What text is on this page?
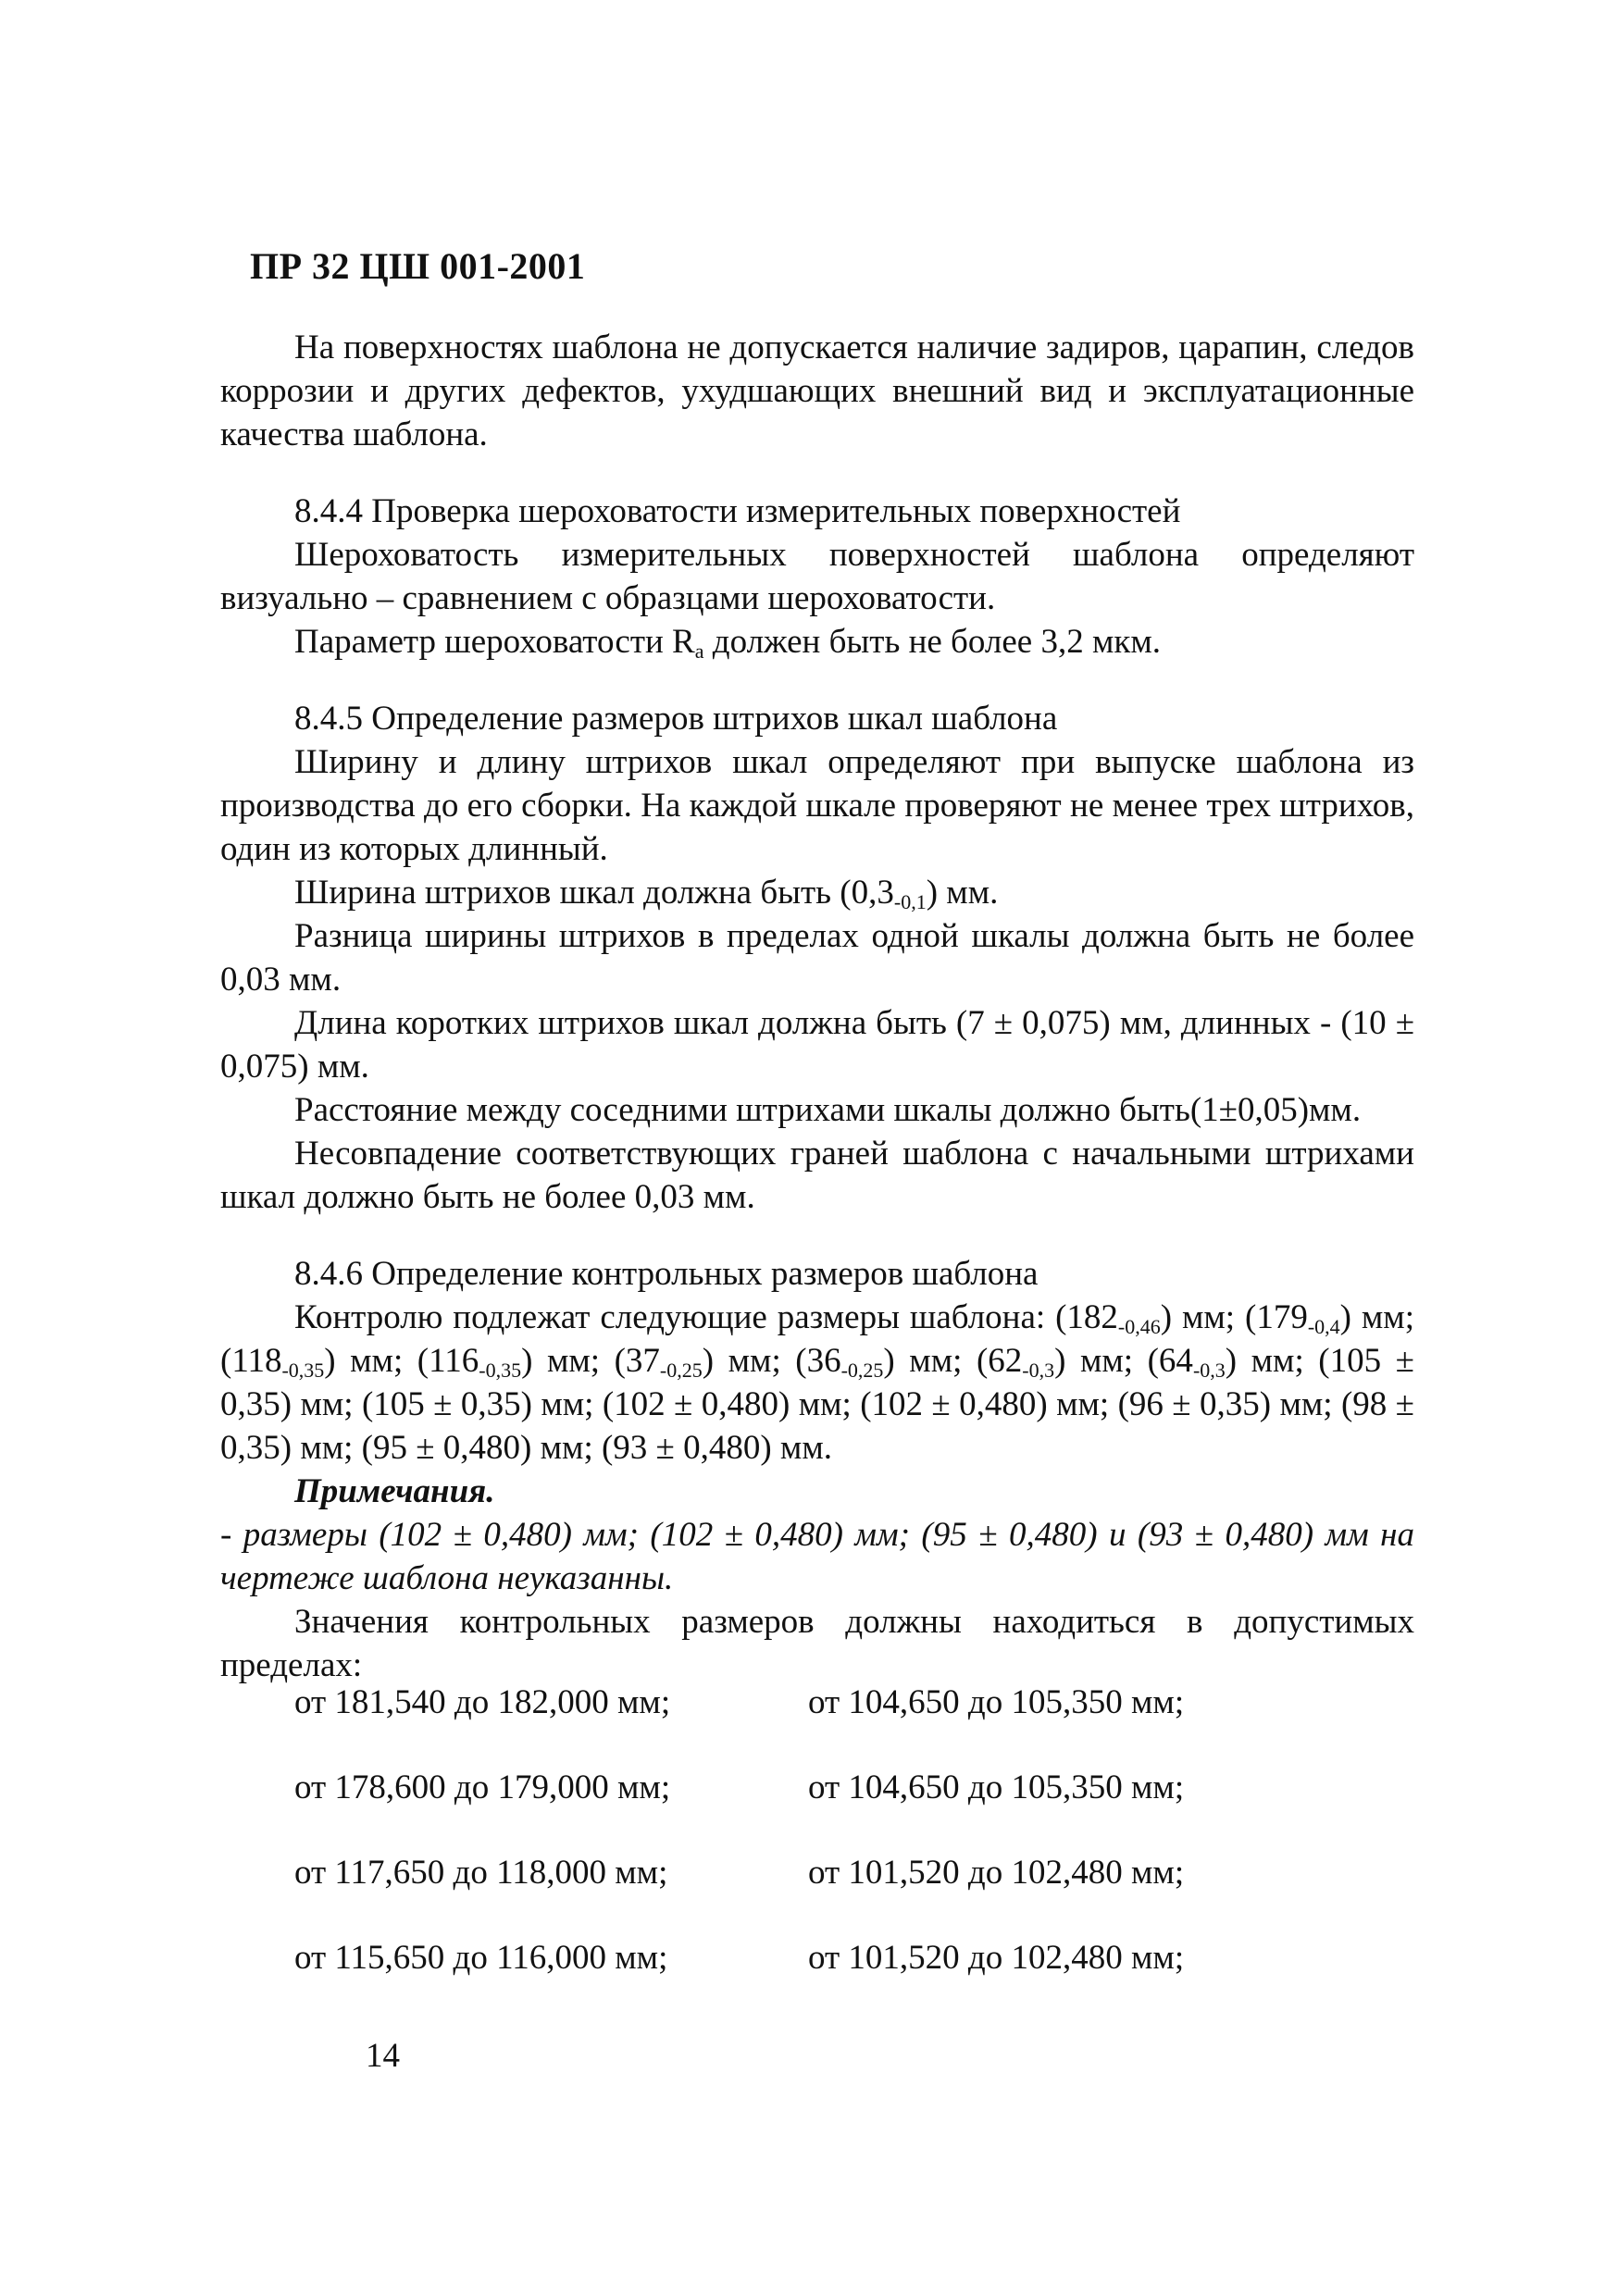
ПР 32 ЦШ 001-2001

На поверхностях шаблона не допускается наличие задиров, царапин, следов коррозии и других дефектов, ухудшающих внешний вид и эксплуатационные качества шаблона.

8.4.4 Проверка шероховатости измерительных поверхностей

Шероховатость измерительных поверхностей шаблона определяют визуально – сравнением с образцами шероховатости.

Параметр шероховатости $R_a$ должен быть не более 3,2 мкм.

8.4.5 Определение размеров штрихов шкал шаблона

Ширину и длину штрихов шкал определяют при выпуске шаблона из производства до его сборки. На каждой шкале проверяют не менее трех штрихов, один из которых длинный.

Ширина штрихов шкал должна быть $(0,3_{-0,1})$ мм.

Разница ширины штрихов в пределах одной шкалы должна быть не более 0,03 мм.

Длина коротких штрихов шкал должна быть (7 ± 0,075) мм, длинных - (10 ± 0,075) мм.

Расстояние между соседними штрихами шкалы должно быть(1±0,05)мм.

Несовпадение соответствующих граней шаблона с начальными штрихами шкал должно быть не более 0,03 мм.

8.4.6 Определение контрольных размеров шаблона

Контролю подлежат следующие размеры шаблона: $(182_{-0,46})$ мм; $(179_{-0,4})$ мм; $(118_{-0,35})$ мм; $(116_{-0,35})$ мм; $(37_{-0,25})$ мм; $(36_{-0,25})$ мм; $(62_{-0,3})$ мм; $(64_{-0,3})$ мм; (105 ± 0,35) мм; (105 ± 0,35) мм; (102 ± 0,480) мм; (102 ± 0,480) мм; (96 ± 0,35) мм; (98 ± 0,35) мм; (95 ± 0,480) мм; (93 ± 0,480) мм.

Примечания.

- размеры (102 ± 0,480) мм; (102 ± 0,480) мм; (95 ± 0,480) и (93 ± 0,480) мм на чертеже шаблона неуказанны.

Значения контрольных размеров должны находиться в допустимых пределах:

от 181,540 до 182,000 мм;	от 104,650 до 105,350 мм;
от 178,600 до 179,000 мм;	от 104,650 до 105,350 мм;
от 117,650 до 118,000 мм;	от 101,520 до 102,480 мм;
от 115,650 до 116,000 мм;	от 101,520 до 102,480 мм;
14
